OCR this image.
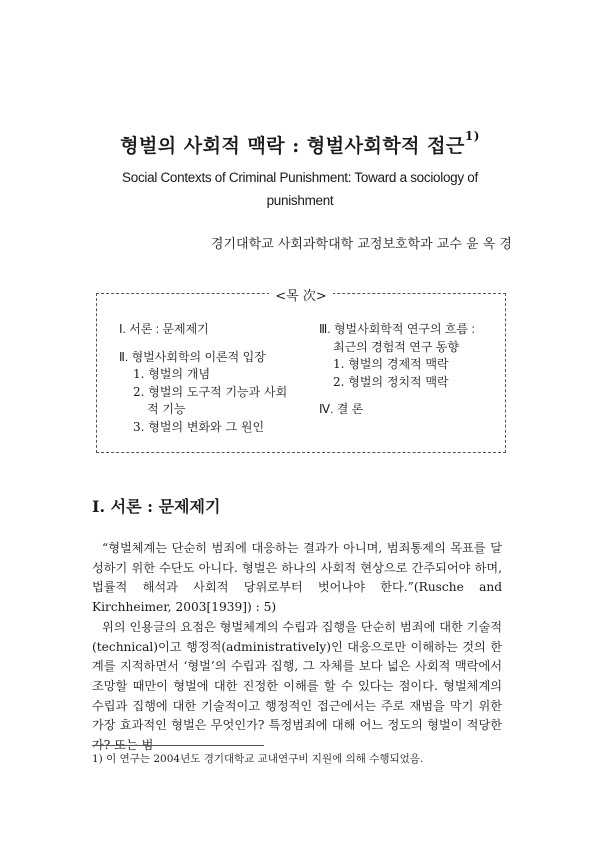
형벌의 사회적 맥락 : 형벌사회학적 접근$^{1)}$
Social Contexts of Criminal Punishment: Toward a sociology of punishment
경기대학교 사회과학대학 교정보호학과 교수 윤 옥 경
<목 次>
Ⅰ. 서론 : 문제제기
Ⅱ. 형벌사회학의 이론적 입장
1. 형벌의 개념
2. 형벌의 도구적 기능과 사회
적 기능
3. 형벌의 변화와 그 원인
Ⅲ. 형벌사회학적 연구의 흐름 :
최근의 경험적 연구 동향
1. 형벌의 경제적 맥락
2. 형벌의 정치적 맥락
Ⅳ. 결 론
Ⅰ. 서론 : 문제제기

“형벌체계는 단순히 범죄에 대응하는 결과가 아니며, 범죄통제의 목표를 달성하기 위한 수단도 아니다. 형벌은 하나의 사회적 현상으로 간주되어야 하며, 법률적 해석과 사회적 당위로부터 벗어나야 한다.”(Rusche and Kirchheimer, 2003[1939]) : 5)

위의 인용글의 요점은 형벌체계의 수립과 집행을 단순히 범죄에 대한 기술적(technical)이고 행정적(administratively)인 대응으로만 이해하는 것의 한계를 지적하면서 ‘형벌’의 수립과 집행, 그 자체를 보다 넓은 사회적 맥락에서 조망할 때만이 형벌에 대한 진정한 이해를 할 수 있다는 점이다. 형벌체계의 수립과 집행에 대한 기술적이고 행정적인 접근에서는 주로 재범을 막기 위한 가장 효과적인 형벌은 무엇인가? 특정범죄에 대해 어느 정도의 형벌이 적당한가? 또는 범

1) 이 연구는 2004년도 경기대학교 교내연구비 지원에 의해 수행되었음.
